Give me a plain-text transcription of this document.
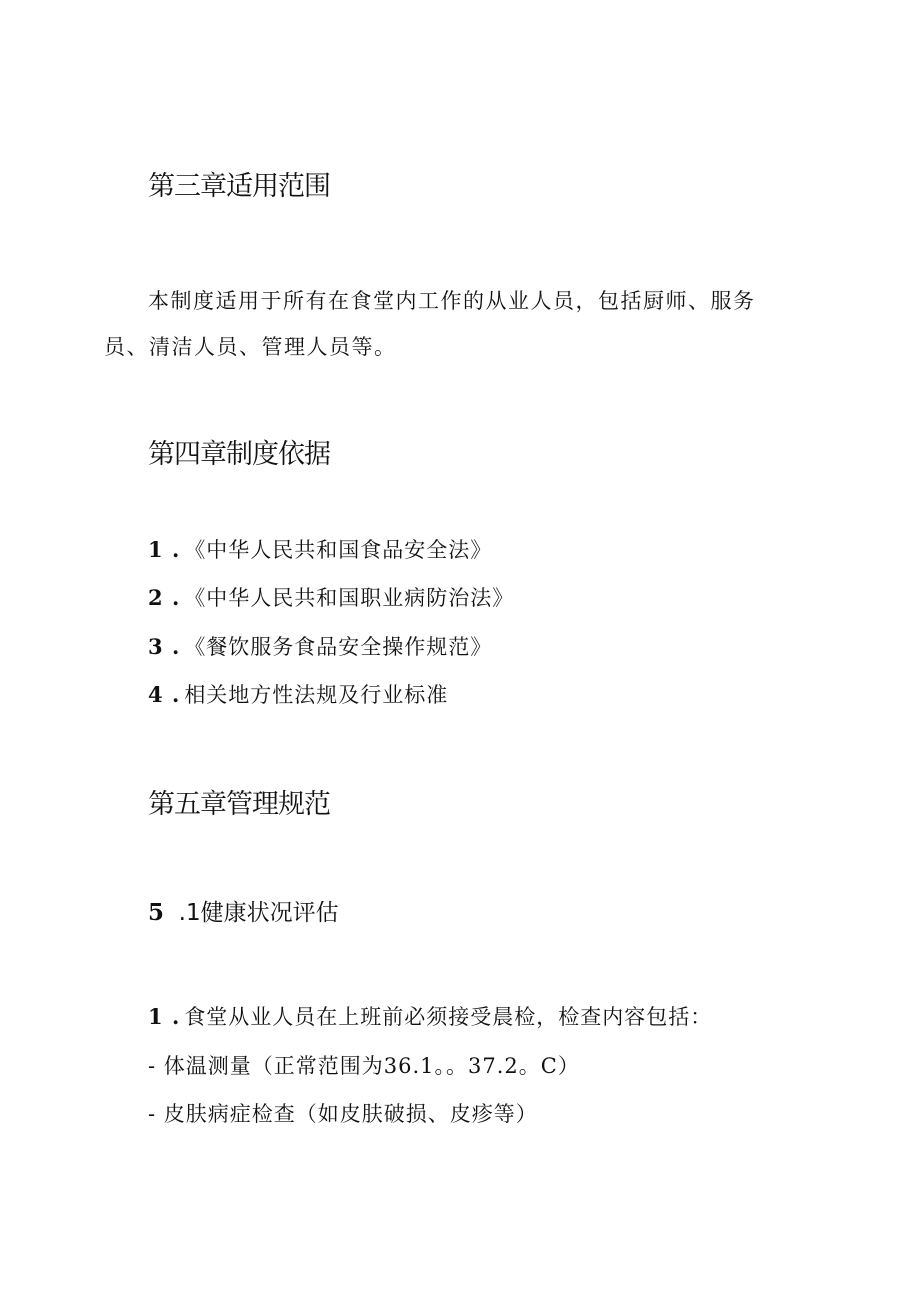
第三章适用范围

本制度适用于所有在食堂内工作的从业人员，包括厨师、服务员、清洁人员、管理人员等。

第四章制度依据
1 . 《中华人民共和国食品安全法》
2 . 《中华人民共和国职业病防治法》
3 . 《餐饮服务食品安全操作规范》
4 . 相关地方性法规及行业标准
第五章管理规范
5 .1健康状况评估
1 . 食堂从业人员在上班前必须接受晨检，检查内容包括：
- 体温测量（正常范围为36.1。。37.2。C）
- 皮肤病症检查（如皮肤破损、皮疹等）
